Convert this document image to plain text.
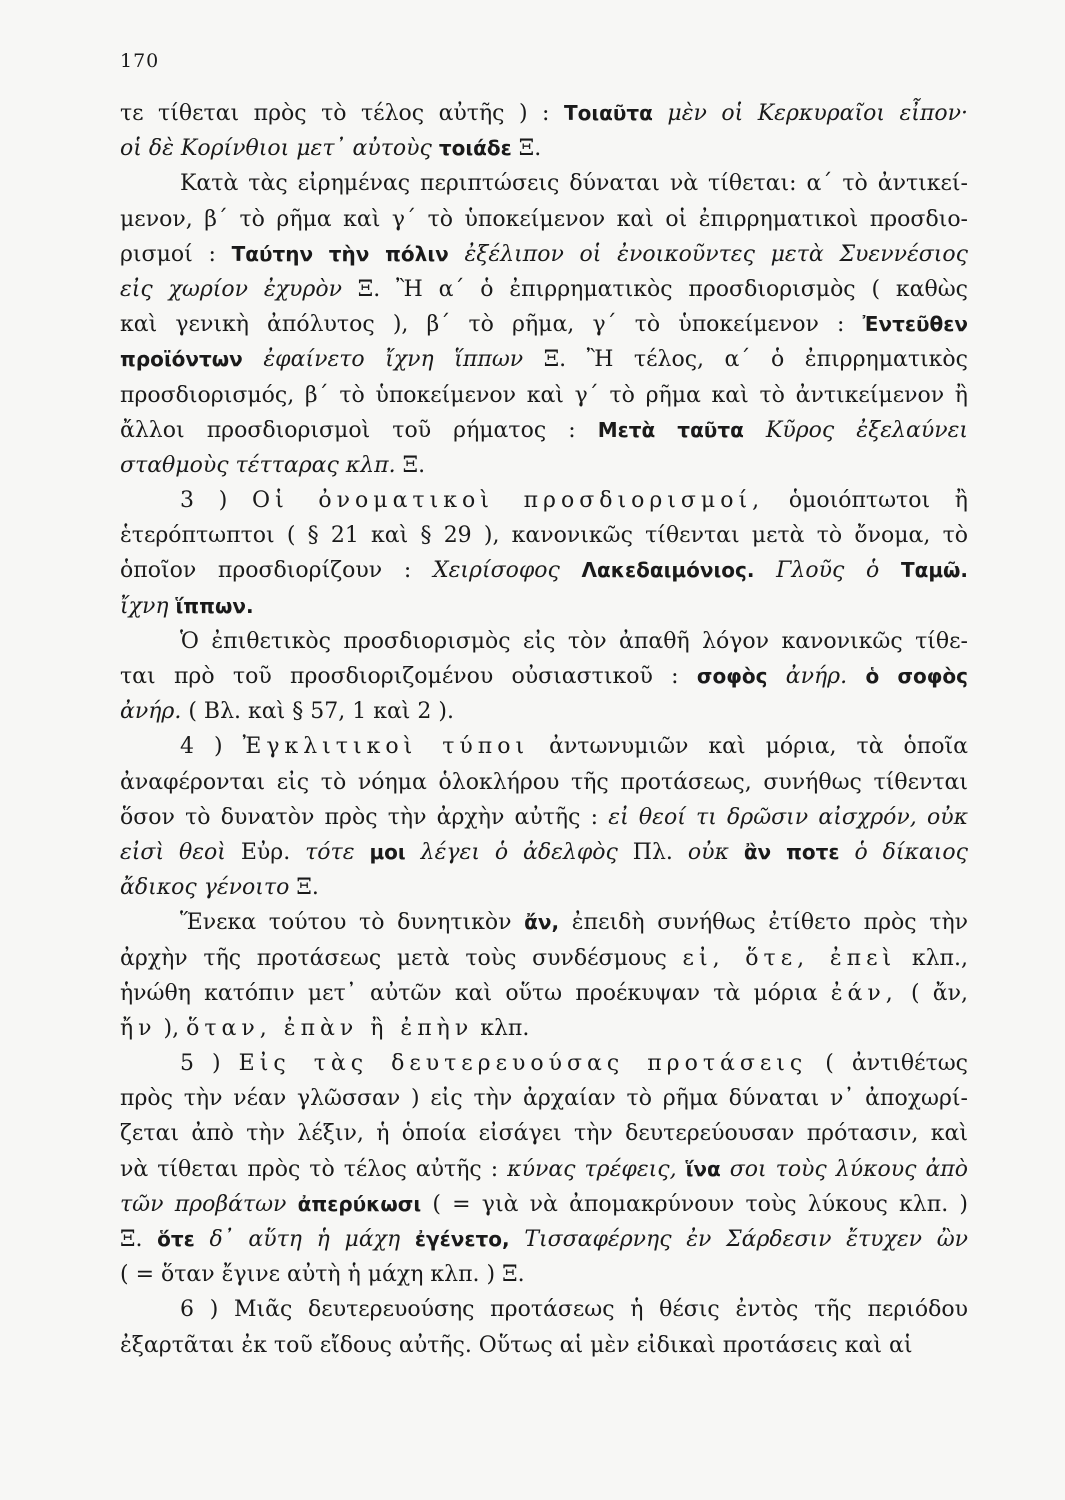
170
τε τίθεται πρὸς τὸ τέλος αὐτῆς ) : Τοιαῦτα μὲν οἱ Κερκυραῖοι εἶπον·
οἱ δὲ Κορίνθιοι μετ᾽ αὐτοὺς τοιάδε Ξ.
Κατὰ τὰς εἰρημένας περιπτώσεις δύναται νὰ τίθεται: α΄ τὸ ἀντικεί-
μενον, β΄ τὸ ρῆμα καὶ γ΄ τὸ ὑποκείμενον καὶ οἱ ἐπιρρηματικοὶ προσδιο-
ρισμοί : Ταύτην τὴν πόλιν ἐξέλιπον οἱ ἐνοικοῦντες μετὰ Συεννέσιος
εἰς χωρίον ἐχυρὸν Ξ. Ἢ α΄ ὁ ἐπιρρηματικὸς προσδιορισμὸς ( καθὼς
καὶ γενικὴ ἀπόλυτος ), β΄ τὸ ρῆμα, γ΄ τὸ ὑποκείμενον : Ἐντεῦθεν
προϊόντων ἐφαίνετο ἴχνη ἵππων Ξ. Ἢ τέλος, α΄ ὁ ἐπιρρηματικὸς
προσδιορισμός, β΄ τὸ ὑποκείμενον καὶ γ΄ τὸ ρῆμα καὶ τὸ ἀντικείμενον ἢ
ἄλλοι προσδιορισμοὶ τοῦ ρήματος : Μετὰ ταῦτα Κῦρος ἐξελαύνει
σταθμοὺς τέτταρας κλπ. Ξ.
3 ) Οἱ ὀνοματικοὶ προσδιορισμοί, ὁμοιόπτωτοι ἢ
ἑτερόπτωπτοι ( § 21 καὶ § 29 ), κανονικῶς τίθενται μετὰ τὸ ὄνομα, τὸ
ὁποῖον προσδιορίζουν : Χειρίσοφος Λακεδαιμόνιος. Γλοῦς ὁ Ταμῶ.
ἴχνη ἵππων.
Ὁ ἐπιθετικὸς προσδιορισμὸς εἰς τὸν ἀπαθῆ λόγον κανονικῶς τίθε-
ται πρὸ τοῦ προσδιοριζομένου οὐσιαστικοῦ : σοφὸς ἀνήρ. ὁ σοφὸς
ἀνήρ. ( Βλ. καὶ § 57, 1 καὶ 2 ).
4 ) Ἐγκλιτικοὶ τύποι ἀντωνυμιῶν καὶ μόρια, τὰ ὁποῖα
ἀναφέρονται εἰς τὸ νόημα ὁλοκλήρου τῆς προτάσεως, συνήθως τίθενται
ὅσον τὸ δυνατὸν πρὸς τὴν ἀρχὴν αὐτῆς : εἰ θεοί τι δρῶσιν αἰσχρόν, οὐκ
εἰσὶ θεοὶ Εὐρ. τότε μοι λέγει ὁ ἀδελφὸς Πλ. οὐκ ἂν ποτε ὁ δίκαιος
ἄδικος γένοιτο Ξ.
Ἕνεκα τούτου τὸ δυνητικὸν ἄν, ἐπειδὴ συνήθως ἐτίθετο πρὸς τὴν
ἀρχὴν τῆς προτάσεως μετὰ τοὺς συνδέσμους εἰ, ὅτε, ἐπεὶ κλπ.,
ἡνώθη κατόπιν μετ᾽ αὐτῶν καὶ οὕτω προέκυψαν τὰ μόρια ἐάν, ( ἄν,
ἤν ), ὅταν, ἐπὰν ἢ ἐπὴν κλπ.
5 ) Εἰς τὰς δευτερευούσας προτάσεις ( ἀντιθέτως
πρὸς τὴν νέαν γλῶσσαν ) εἰς τὴν ἀρχαίαν τὸ ρῆμα δύναται ν᾽ ἀποχωρί-
ζεται ἀπὸ τὴν λέξιν, ἡ ὁποία εἰσάγει τὴν δευτερεύουσαν πρότασιν, καὶ
νὰ τίθεται πρὸς τὸ τέλος αὐτῆς : κύνας τρέφεις, ἵνα σοι τοὺς λύκους ἀπὸ
τῶν προβάτων ἀπερύκωσι ( = γιὰ νὰ ἀπομακρύνουν τοὺς λύκους κλπ. )
Ξ. ὅτε δ᾽ αὕτη ἡ μάχη ἐγένετο, Τισσαφέρνης ἐν Σάρδεσιν ἔτυχεν ὢν
( = ὅταν ἔγινε αὐτὴ ἡ μάχη κλπ. ) Ξ.
6 ) Μιᾶς δευτερευούσης προτάσεως ἡ θέσις ἐντὸς τῆς περιόδου
ἐξαρτᾶται ἐκ τοῦ εἴδους αὐτῆς. Οὕτως αἱ μὲν εἰδικαὶ προτάσεις καὶ αἱ
